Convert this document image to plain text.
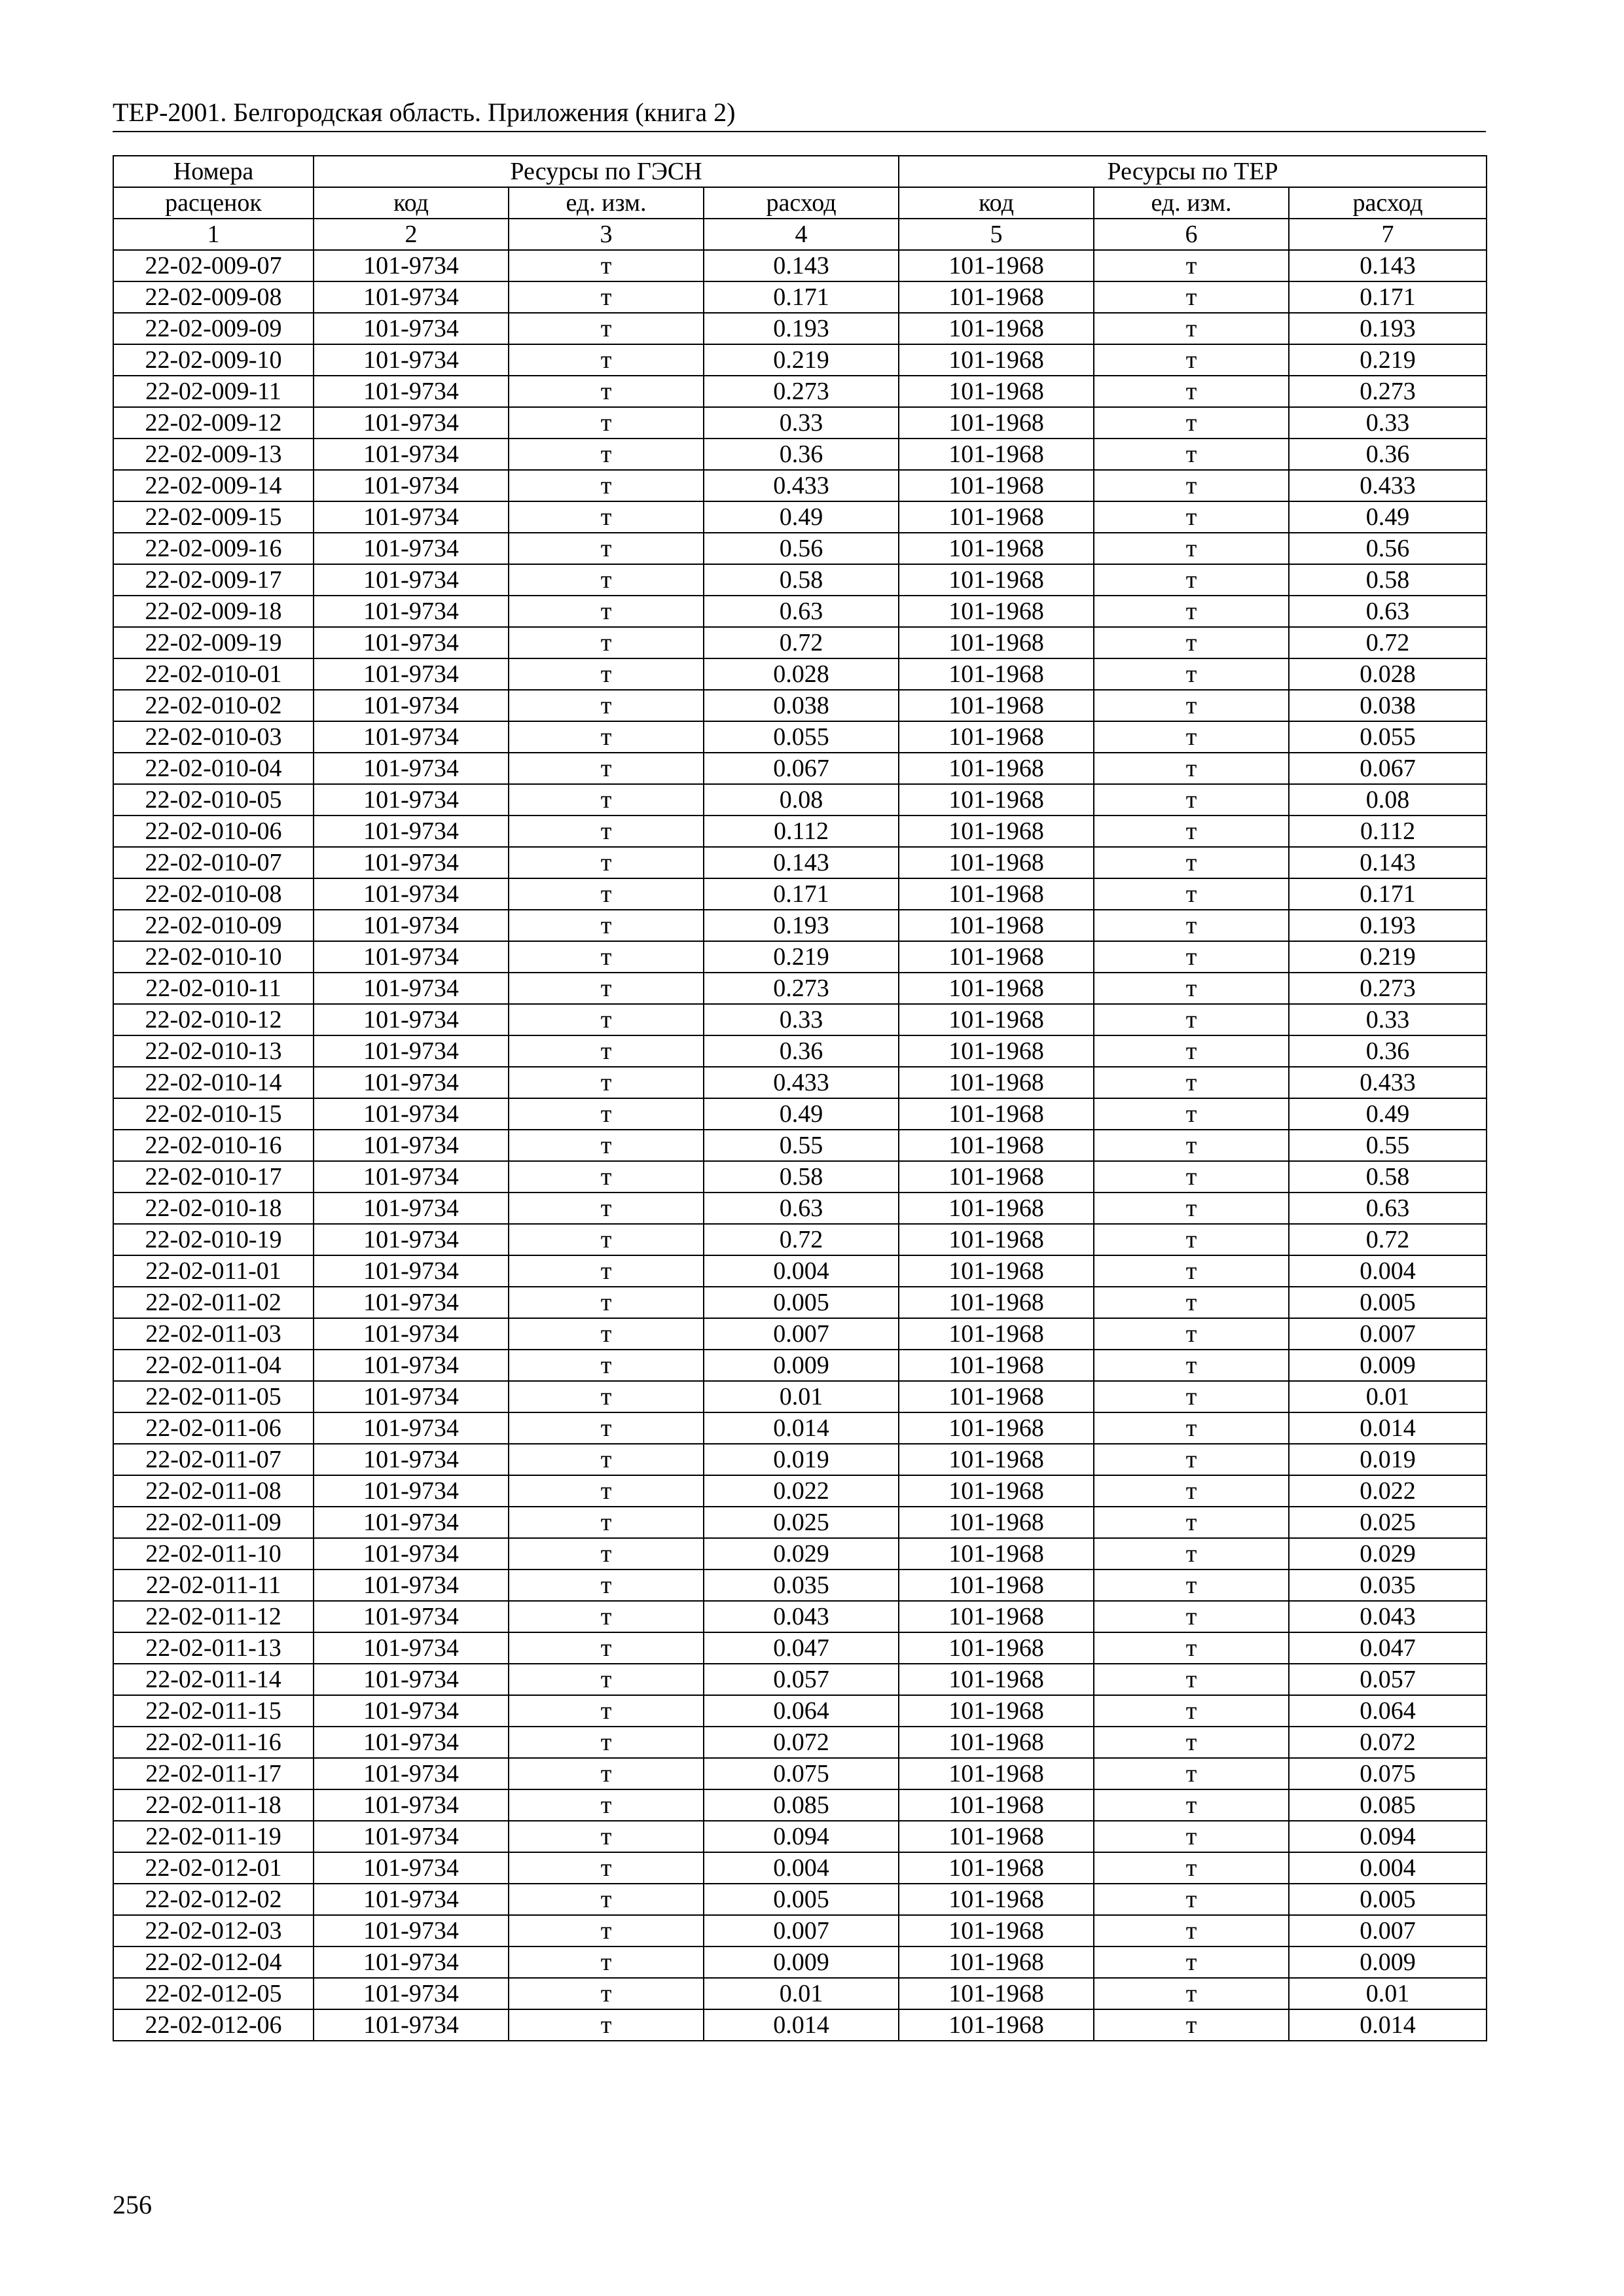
ТЕР-2001. Белгородская область. Приложения (книга 2)
Номера	Ресурсы по ГЭСН			Ресурсы по ТЕР		
расценок	код	ед. изм.	расход	код	ед. изм.	расход
1	2	3	4	5	6	7
22-02-009-07	101-9734	т	0.143	101-1968	т	0.143
22-02-009-08	101-9734	т	0.171	101-1968	т	0.171
22-02-009-09	101-9734	т	0.193	101-1968	т	0.193
22-02-009-10	101-9734	т	0.219	101-1968	т	0.219
22-02-009-11	101-9734	т	0.273	101-1968	т	0.273
22-02-009-12	101-9734	т	0.33	101-1968	т	0.33
22-02-009-13	101-9734	т	0.36	101-1968	т	0.36
22-02-009-14	101-9734	т	0.433	101-1968	т	0.433
22-02-009-15	101-9734	т	0.49	101-1968	т	0.49
22-02-009-16	101-9734	т	0.56	101-1968	т	0.56
22-02-009-17	101-9734	т	0.58	101-1968	т	0.58
22-02-009-18	101-9734	т	0.63	101-1968	т	0.63
22-02-009-19	101-9734	т	0.72	101-1968	т	0.72
22-02-010-01	101-9734	т	0.028	101-1968	т	0.028
22-02-010-02	101-9734	т	0.038	101-1968	т	0.038
22-02-010-03	101-9734	т	0.055	101-1968	т	0.055
22-02-010-04	101-9734	т	0.067	101-1968	т	0.067
22-02-010-05	101-9734	т	0.08	101-1968	т	0.08
22-02-010-06	101-9734	т	0.112	101-1968	т	0.112
22-02-010-07	101-9734	т	0.143	101-1968	т	0.143
22-02-010-08	101-9734	т	0.171	101-1968	т	0.171
22-02-010-09	101-9734	т	0.193	101-1968	т	0.193
22-02-010-10	101-9734	т	0.219	101-1968	т	0.219
22-02-010-11	101-9734	т	0.273	101-1968	т	0.273
22-02-010-12	101-9734	т	0.33	101-1968	т	0.33
22-02-010-13	101-9734	т	0.36	101-1968	т	0.36
22-02-010-14	101-9734	т	0.433	101-1968	т	0.433
22-02-010-15	101-9734	т	0.49	101-1968	т	0.49
22-02-010-16	101-9734	т	0.55	101-1968	т	0.55
22-02-010-17	101-9734	т	0.58	101-1968	т	0.58
22-02-010-18	101-9734	т	0.63	101-1968	т	0.63
22-02-010-19	101-9734	т	0.72	101-1968	т	0.72
22-02-011-01	101-9734	т	0.004	101-1968	т	0.004
22-02-011-02	101-9734	т	0.005	101-1968	т	0.005
22-02-011-03	101-9734	т	0.007	101-1968	т	0.007
22-02-011-04	101-9734	т	0.009	101-1968	т	0.009
22-02-011-05	101-9734	т	0.01	101-1968	т	0.01
22-02-011-06	101-9734	т	0.014	101-1968	т	0.014
22-02-011-07	101-9734	т	0.019	101-1968	т	0.019
22-02-011-08	101-9734	т	0.022	101-1968	т	0.022
22-02-011-09	101-9734	т	0.025	101-1968	т	0.025
22-02-011-10	101-9734	т	0.029	101-1968	т	0.029
22-02-011-11	101-9734	т	0.035	101-1968	т	0.035
22-02-011-12	101-9734	т	0.043	101-1968	т	0.043
22-02-011-13	101-9734	т	0.047	101-1968	т	0.047
22-02-011-14	101-9734	т	0.057	101-1968	т	0.057
22-02-011-15	101-9734	т	0.064	101-1968	т	0.064
22-02-011-16	101-9734	т	0.072	101-1968	т	0.072
22-02-011-17	101-9734	т	0.075	101-1968	т	0.075
22-02-011-18	101-9734	т	0.085	101-1968	т	0.085
22-02-011-19	101-9734	т	0.094	101-1968	т	0.094
22-02-012-01	101-9734	т	0.004	101-1968	т	0.004
22-02-012-02	101-9734	т	0.005	101-1968	т	0.005
22-02-012-03	101-9734	т	0.007	101-1968	т	0.007
22-02-012-04	101-9734	т	0.009	101-1968	т	0.009
22-02-012-05	101-9734	т	0.01	101-1968	т	0.01
22-02-012-06	101-9734	т	0.014	101-1968	т	0.014
256
